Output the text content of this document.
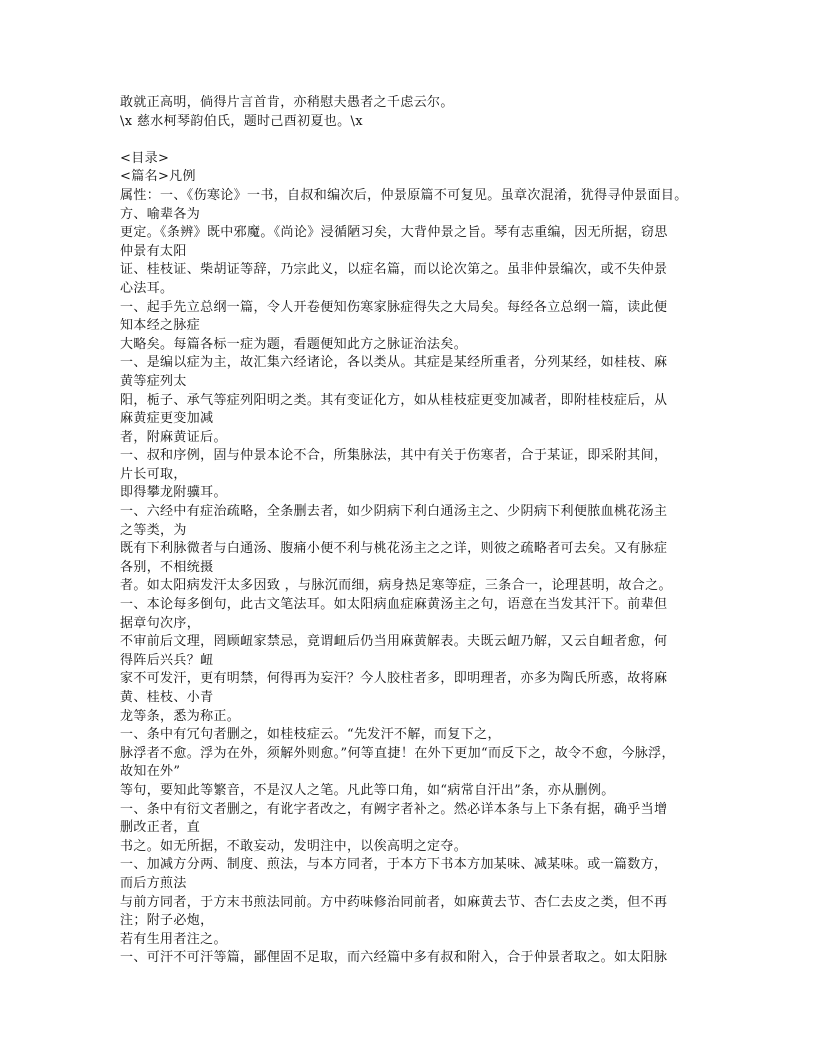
敢就正高明，倘得片言首肯，亦稍慰夫愚者之千虑云尔。
\x 慈水柯琴韵伯氏，题时己酉初夏也。\x
<目录>
<篇名>凡例
属性：一、《伤寒论》一书，自叔和编次后，仲景原篇不可复见。虽章次混淆，犹得寻仲景面目。
方、喻辈各为
更定。《条辨》既中邪魔。《尚论》浸循陋习矣，大背仲景之旨。琴有志重编，因无所据，窃思
仲景有太阳
证、桂枝证、柴胡证等辞，乃宗此义，以症名篇，而以论次第之。虽非仲景编次，或不失仲景
心法耳。
一、起手先立总纲一篇，令人开卷便知伤寒家脉症得失之大局矣。每经各立总纲一篇，读此便
知本经之脉症
大略矣。每篇各标一症为题，看题便知此方之脉证治法矣。
一、是编以症为主，故汇集六经诸论，各以类从。其症是某经所重者，分列某经，如桂枝、麻
黄等症列太
阳，栀子、承气等症列阳明之类。其有变证化方，如从桂枝症更变加减者，即附桂枝症后，从
麻黄症更变加减
者，附麻黄证后。
一、叔和序例，固与仲景本论不合，所集脉法，其中有关于伤寒者，合于某证，即采附其间，
片长可取，
即得攀龙附骥耳。
一、六经中有症治疏略，全条删去者，如少阴病下利白通汤主之、少阴病下利便脓血桃花汤主
之等类，为
既有下利脉微者与白通汤、腹痛小便不利与桃花汤主之之详，则彼之疏略者可去矣。又有脉症
各别，不相统摄
者。如太阳病发汗太多因致 ，与脉沉而细，病身热足寒等症，三条合一，论理甚明，故合之。
一、本论每多倒句，此古文笔法耳。如太阳病血症麻黄汤主之句，语意在当发其汗下。前辈但
据章句次序，
不审前后文理，罔顾衄家禁忌，竟谓衄后仍当用麻黄解表。夫既云衄乃解，又云自衄者愈，何
得阵后兴兵？衄
家不可发汗，更有明禁，何得再为妄汗？今人胶柱者多，即明理者，亦多为陶氏所惑，故将麻
黄、桂枝、小青
龙等条，悉为称正。
一、条中有冗句者删之，如桂枝症云。“先发汗不解，而复下之，
脉浮者不愈。浮为在外，须解外则愈。”何等直捷！在外下更加“而反下之，故令不愈，今脉浮，
故知在外”
等句，要知此等繁音，不是汉人之笔。凡此等口角，如“病常自汗出”条，亦从删例。
一、条中有衍文者删之，有讹字者改之，有阙字者补之。然必详本条与上下条有据，确乎当增
删改正者，直
书之。如无所据，不敢妄动，发明注中，以俟高明之定夺。
一、加减方分两、制度、煎法，与本方同者，于本方下书本方加某味、减某味。或一篇数方，
而后方煎法
与前方同者，于方末书煎法同前。方中药味修治同前者，如麻黄去节、杏仁去皮之类，但不再
注；附子必炮，
若有生用者注之。
一、可汗不可汗等篇，鄙俚固不足取，而六经篇中多有叔和附入，合于仲景者取之。如太阳脉
